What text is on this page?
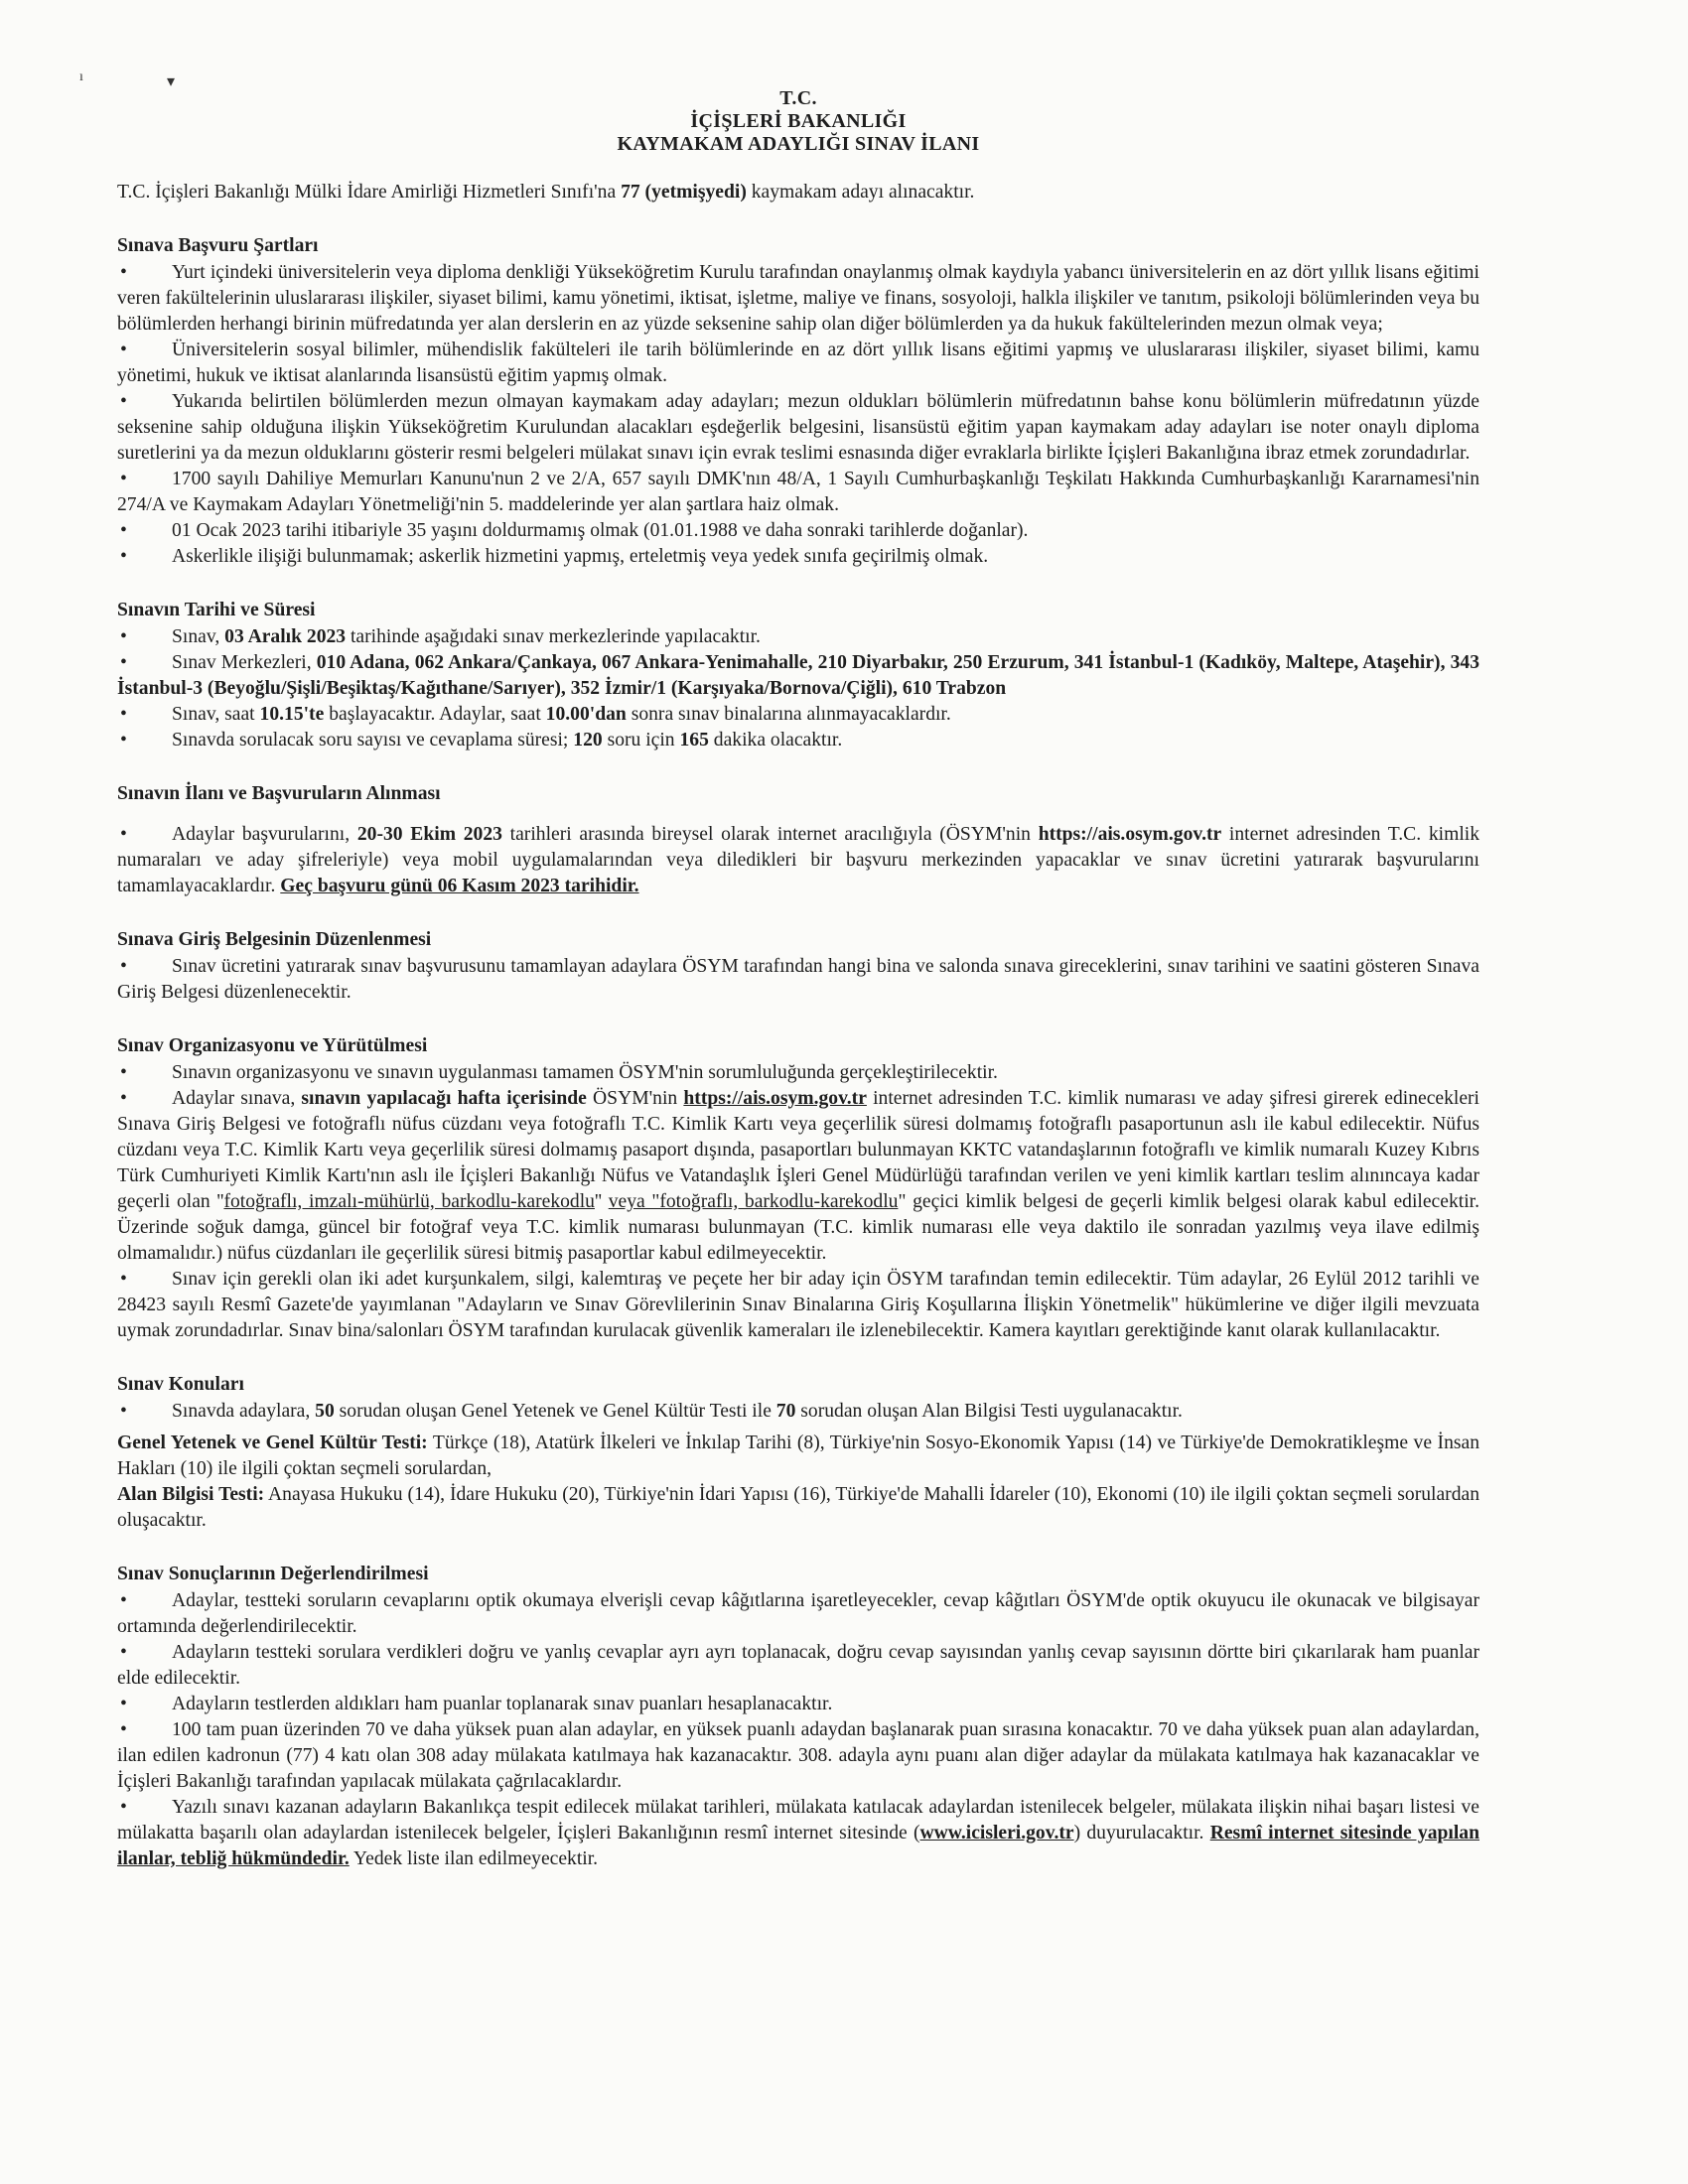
ı	▾
T.C.
İÇİŞLERİ BAKANLIĞI
KAYMAKAM ADAYLIĞI SINAV İLANI

T.C. İçişleri Bakanlığı Mülki İdare Amirliği Hizmetleri Sınıfı'na 77 (yetmişyedi) kaymakam adayı alınacaktır.

Sınava Başvuru Şartları

•Yurt içindeki üniversitelerin veya diploma denkliği Yükseköğretim Kurulu tarafından onaylanmış olmak kaydıyla yabancı üniversitelerin en az dört yıllık lisans eğitimi veren fakültelerinin uluslararası ilişkiler, siyaset bilimi, kamu yönetimi, iktisat, işletme, maliye ve finans, sosyoloji, halkla ilişkiler ve tanıtım, psikoloji bölümlerinden veya bu bölümlerden herhangi birinin müfredatında yer alan derslerin en az yüzde seksenine sahip olan diğer bölümlerden ya da hukuk fakültelerinden mezun olmak veya;

•Üniversitelerin sosyal bilimler, mühendislik fakülteleri ile tarih bölümlerinde en az dört yıllık lisans eğitimi yapmış ve uluslararası ilişkiler, siyaset bilimi, kamu yönetimi, hukuk ve iktisat alanlarında lisansüstü eğitim yapmış olmak.

•Yukarıda belirtilen bölümlerden mezun olmayan kaymakam aday adayları; mezun oldukları bölümlerin müfredatının bahse konu bölümlerin müfredatının yüzde seksenine sahip olduğuna ilişkin Yükseköğretim Kurulundan alacakları eşdeğerlik belgesini, lisansüstü eğitim yapan kaymakam aday adayları ise noter onaylı diploma suretlerini ya da mezun olduklarını gösterir resmi belgeleri mülakat sınavı için evrak teslimi esnasında diğer evraklarla birlikte İçişleri Bakanlığına ibraz etmek zorundadırlar.

•1700 sayılı Dahiliye Memurları Kanunu'nun 2 ve 2/A, 657 sayılı DMK'nın 48/A, 1 Sayılı Cumhurbaşkanlığı Teşkilatı Hakkında Cumhurbaşkanlığı Kararnamesi'nin 274/A ve Kaymakam Adayları Yönetmeliği'nin 5. maddelerinde yer alan şartlara haiz olmak.

•01 Ocak 2023 tarihi itibariyle 35 yaşını doldurmamış olmak (01.01.1988 ve daha sonraki tarihlerde doğanlar).

•Askerlikle ilişiği bulunmamak; askerlik hizmetini yapmış, erteletmiş veya yedek sınıfa geçirilmiş olmak.

Sınavın Tarihi ve Süresi

•Sınav, 03 Aralık 2023 tarihinde aşağıdaki sınav merkezlerinde yapılacaktır.

•Sınav Merkezleri, 010 Adana, 062 Ankara/Çankaya, 067 Ankara-Yenimahalle, 210 Diyarbakır, 250 Erzurum, 341 İstanbul-1 (Kadıköy, Maltepe, Ataşehir), 343 İstanbul-3 (Beyoğlu/Şişli/Beşiktaş/Kağıthane/Sarıyer), 352 İzmir/1 (Karşıyaka/Bornova/Çiğli), 610 Trabzon

•Sınav, saat 10.15'te başlayacaktır. Adaylar, saat 10.00'dan sonra sınav binalarına alınmayacaklardır.

•Sınavda sorulacak soru sayısı ve cevaplama süresi; 120 soru için 165 dakika olacaktır.

Sınavın İlanı ve Başvuruların Alınması

•Adaylar başvurularını, 20-30 Ekim 2023 tarihleri arasında bireysel olarak internet aracılığıyla (ÖSYM'nin https://ais.osym.gov.tr internet adresinden T.C. kimlik numaraları ve aday şifreleriyle) veya mobil uygulamalarından veya diledikleri bir başvuru merkezinden yapacaklar ve sınav ücretini yatırarak başvurularını tamamlayacaklardır. Geç başvuru günü 06 Kasım 2023 tarihidir.

Sınava Giriş Belgesinin Düzenlenmesi

•Sınav ücretini yatırarak sınav başvurusunu tamamlayan adaylara ÖSYM tarafından hangi bina ve salonda sınava gireceklerini, sınav tarihini ve saatini gösteren Sınava Giriş Belgesi düzenlenecektir.

Sınav Organizasyonu ve Yürütülmesi

•Sınavın organizasyonu ve sınavın uygulanması tamamen ÖSYM'nin sorumluluğunda gerçekleştirilecektir.

•Adaylar sınava, sınavın yapılacağı hafta içerisinde ÖSYM'nin https://ais.osym.gov.tr internet adresinden T.C. kimlik numarası ve aday şifresi girerek edinecekleri Sınava Giriş Belgesi ve fotoğraflı nüfus cüzdanı veya fotoğraflı T.C. Kimlik Kartı veya geçerlilik süresi dolmamış fotoğraflı pasaportunun aslı ile kabul edilecektir. Nüfus cüzdanı veya T.C. Kimlik Kartı veya geçerlilik süresi dolmamış pasaport dışında, pasaportları bulunmayan KKTC vatandaşlarının fotoğraflı ve kimlik numaralı Kuzey Kıbrıs Türk Cumhuriyeti Kimlik Kartı'nın aslı ile İçişleri Bakanlığı Nüfus ve Vatandaşlık İşleri Genel Müdürlüğü tarafından verilen ve yeni kimlik kartları teslim alınıncaya kadar geçerli olan ''fotoğraflı, imzalı-mühürlü, barkodlu-karekodlu'' veya "fotoğraflı, barkodlu-karekodlu" geçici kimlik belgesi de geçerli kimlik belgesi olarak kabul edilecektir. Üzerinde soğuk damga, güncel bir fotoğraf veya T.C. kimlik numarası bulunmayan (T.C. kimlik numarası elle veya daktilo ile sonradan yazılmış veya ilave edilmiş olmamalıdır.) nüfus cüzdanları ile geçerlilik süresi bitmiş pasaportlar kabul edilmeyecektir.

•Sınav için gerekli olan iki adet kurşunkalem, silgi, kalemtıraş ve peçete her bir aday için ÖSYM tarafından temin edilecektir. Tüm adaylar, 26 Eylül 2012 tarihli ve 28423 sayılı Resmî Gazete'de yayımlanan "Adayların ve Sınav Görevlilerinin Sınav Binalarına Giriş Koşullarına İlişkin Yönetmelik" hükümlerine ve diğer ilgili mevzuata uymak zorundadırlar. Sınav bina/salonları ÖSYM tarafından kurulacak güvenlik kameraları ile izlenebilecektir. Kamera kayıtları gerektiğinde kanıt olarak kullanılacaktır.

Sınav Konuları

•Sınavda adaylara, 50 sorudan oluşan Genel Yetenek ve Genel Kültür Testi ile 70 sorudan oluşan Alan Bilgisi Testi uygulanacaktır.

Genel Yetenek ve Genel Kültür Testi: Türkçe (18), Atatürk İlkeleri ve İnkılap Tarihi (8), Türkiye'nin Sosyo-Ekonomik Yapısı (14) ve Türkiye'de Demokratikleşme ve İnsan Hakları (10) ile ilgili çoktan seçmeli sorulardan,

Alan Bilgisi Testi: Anayasa Hukuku (14), İdare Hukuku (20), Türkiye'nin İdari Yapısı (16), Türkiye'de Mahalli İdareler (10), Ekonomi (10) ile ilgili çoktan seçmeli sorulardan oluşacaktır.

Sınav Sonuçlarının Değerlendirilmesi

•Adaylar, testteki soruların cevaplarını optik okumaya elverişli cevap kâğıtlarına işaretleyecekler, cevap kâğıtları ÖSYM'de optik okuyucu ile okunacak ve bilgisayar ortamında değerlendirilecektir.

•Adayların testteki sorulara verdikleri doğru ve yanlış cevaplar ayrı ayrı toplanacak, doğru cevap sayısından yanlış cevap sayısının dörtte biri çıkarılarak ham puanlar elde edilecektir.

•Adayların testlerden aldıkları ham puanlar toplanarak sınav puanları hesaplanacaktır.

•100 tam puan üzerinden 70 ve daha yüksek puan alan adaylar, en yüksek puanlı adaydan başlanarak puan sırasına konacaktır. 70 ve daha yüksek puan alan adaylardan, ilan edilen kadronun (77) 4 katı olan 308 aday mülakata katılmaya hak kazanacaktır. 308. adayla aynı puanı alan diğer adaylar da mülakata katılmaya hak kazanacaklar ve İçişleri Bakanlığı tarafından yapılacak mülakata çağrılacaklardır.

•Yazılı sınavı kazanan adayların Bakanlıkça tespit edilecek mülakat tarihleri, mülakata katılacak adaylardan istenilecek belgeler, mülakata ilişkin nihai başarı listesi ve mülakatta başarılı olan adaylardan istenilecek belgeler, İçişleri Bakanlığının resmî internet sitesinde (www.icisleri.gov.tr) duyurulacaktır. Resmî internet sitesinde yapılan ilanlar, tebliğ hükmündedir. Yedek liste ilan edilmeyecektir.
